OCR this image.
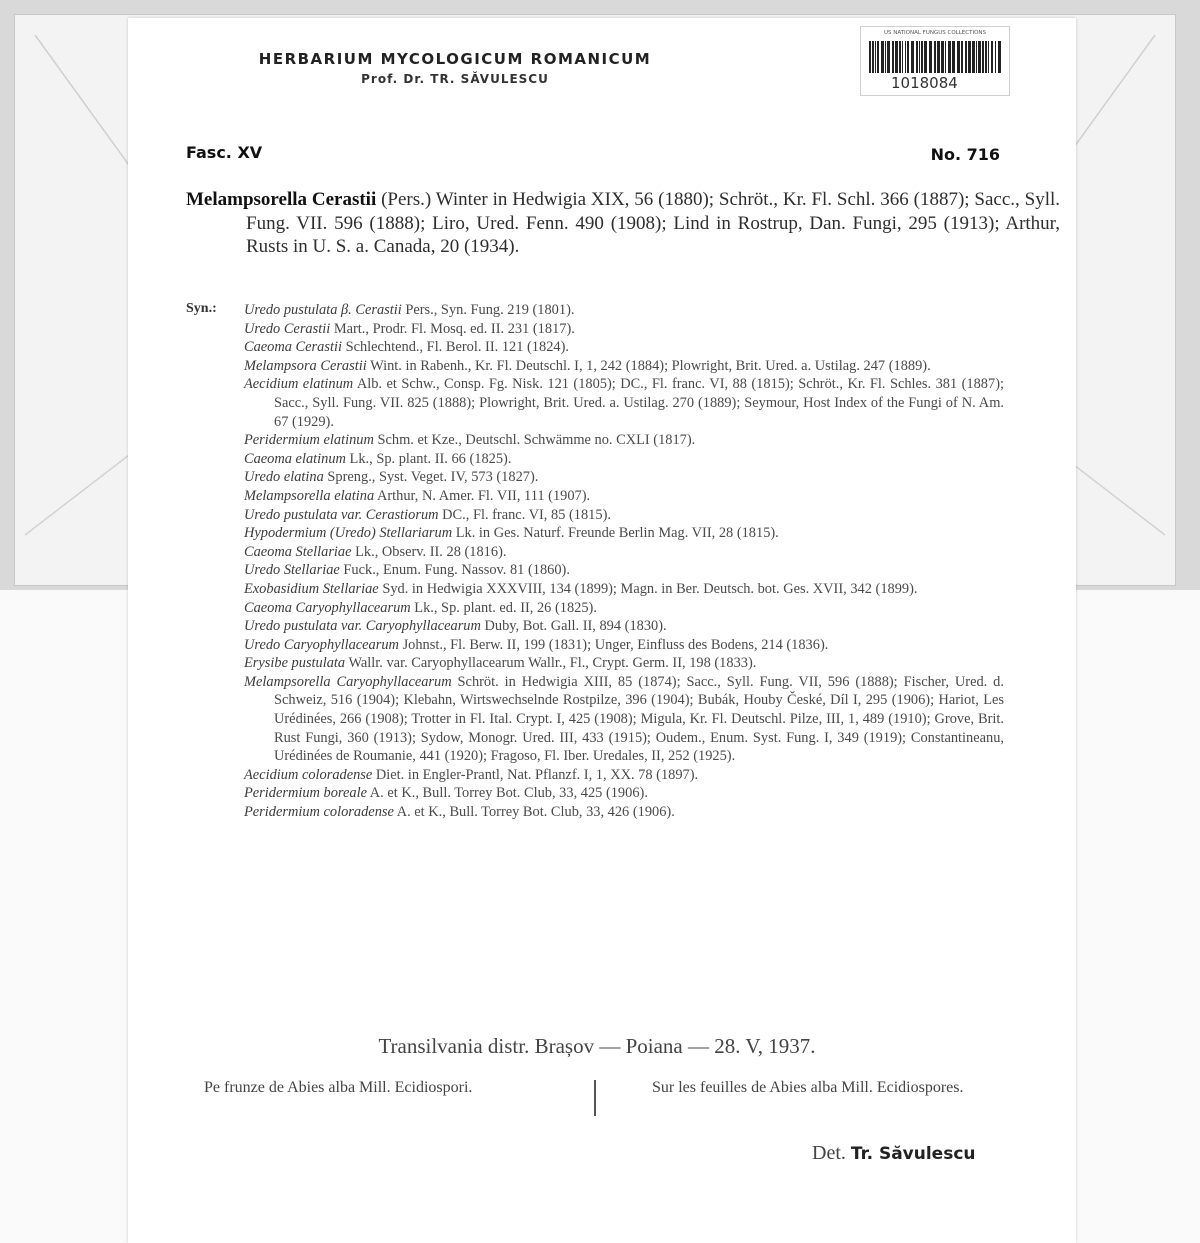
HERBARIUM MYCOLOGICUM ROMANICUM
Prof. Dr. TR. SĂVULESCU
US NATIONAL FUNGUS COLLECTIONS
1018084
Fasc. XV	No. 716
Melampsorella Cerastii (Pers.) Winter in Hedwigia XIX, 56 (1880); Schröt., Kr. Fl. Schl. 366 (1887); Sacc., Syll. Fung. VII. 596 (1888); Liro, Ured. Fenn. 490 (1908); Lind in Rostrup, Dan. Fungi, 295 (1913); Arthur, Rusts in U. S. a. Canada, 20 (1934).
Syn.: Uredo pustulata β. Cerastii Pers., Syn. Fung. 219 (1801).
Uredo Cerastii Mart., Prodr. Fl. Mosq. ed. II. 231 (1817).
Caeoma Cerastii Schlechtend., Fl. Berol. II. 121 (1824).
Melampsora Cerastii Wint. in Rabenh., Kr. Fl. Deutschl. I, 1, 242 (1884); Plowright, Brit. Ured. a. Ustilag. 247 (1889).
Aecidium elatinum Alb. et Schw., Consp. Fg. Nisk. 121 (1805); DC., Fl. franc. VI, 88 (1815); Schröt., Kr. Fl. Schles. 381 (1887); Sacc., Syll. Fung. VII. 825 (1888); Plowright, Brit. Ured. a. Ustilag. 270 (1889); Seymour, Host Index of the Fungi of N. Am. 67 (1929).
Peridermium elatinum Schm. et Kze., Deutschl. Schwämme no. CXLI (1817).
Caeoma elatinum Lk., Sp. plant. II. 66 (1825).
Uredo elatina Spreng., Syst. Veget. IV, 573 (1827).
Melampsorella elatina Arthur, N. Amer. Fl. VII, 111 (1907).
Uredo pustulata var. Cerastiorum DC., Fl. franc. VI, 85 (1815).
Hypodermium (Uredo) Stellariarum Lk. in Ges. Naturf. Freunde Berlin Mag. VII, 28 (1815).
Caeoma Stellariae Lk., Observ. II. 28 (1816).
Uredo Stellariae Fuck., Enum. Fung. Nassov. 81 (1860).
Exobasidium Stellariae Syd. in Hedwigia XXXVIII, 134 (1899); Magn. in Ber. Deutsch. bot. Ges. XVII, 342 (1899).
Caeoma Caryophyllacearum Lk., Sp. plant. ed. II, 26 (1825).
Uredo pustulata var. Caryophyllacearum Duby, Bot. Gall. II, 894 (1830).
Uredo Caryophyllacearum Johnst., Fl. Berw. II, 199 (1831); Unger, Einfluss des Bodens, 214 (1836).
Erysibe pustulata Wallr. var. Caryophyllacearum Wallr., Fl., Crypt. Germ. II, 198 (1833).
Melampsorella Caryophyllacearum Schröt. in Hedwigia XIII, 85 (1874); Sacc., Syll. Fung. VII, 596 (1888); Fischer, Ured. d. Schweiz, 516 (1904); Klebahn, Wirtswechselnde Rostpilze, 396 (1904); Bubák, Houby České, Díl I, 295 (1906); Hariot, Les Urédinées, 266 (1908); Trotter in Fl. Ital. Crypt. I, 425 (1908); Migula, Kr. Fl. Deutschl. Pilze, III, 1, 489 (1910); Grove, Brit. Rust Fungi, 360 (1913); Sydow, Monogr. Ured. III, 433 (1915); Oudem., Enum. Syst. Fung. I, 349 (1919); Constantineanu, Urédinées de Roumanie, 441 (1920); Fragoso, Fl. Iber. Uredales, II, 252 (1925).
Aecidium coloradense Diet. in Engler-Prantl, Nat. Pflanzf. I, 1, XX. 78 (1897).
Peridermium boreale A. et K., Bull. Torrey Bot. Club, 33, 425 (1906).
Peridermium coloradense A. et K., Bull. Torrey Bot. Club, 33, 426 (1906).
Transilvania distr. Brașov — Poiana — 28. V, 1937.
Pe frunze de Abies alba Mill. Ecidiospori.	Sur les feuilles de Abies alba Mill. Ecidiospores.
Det. Tr. Săvulescu
